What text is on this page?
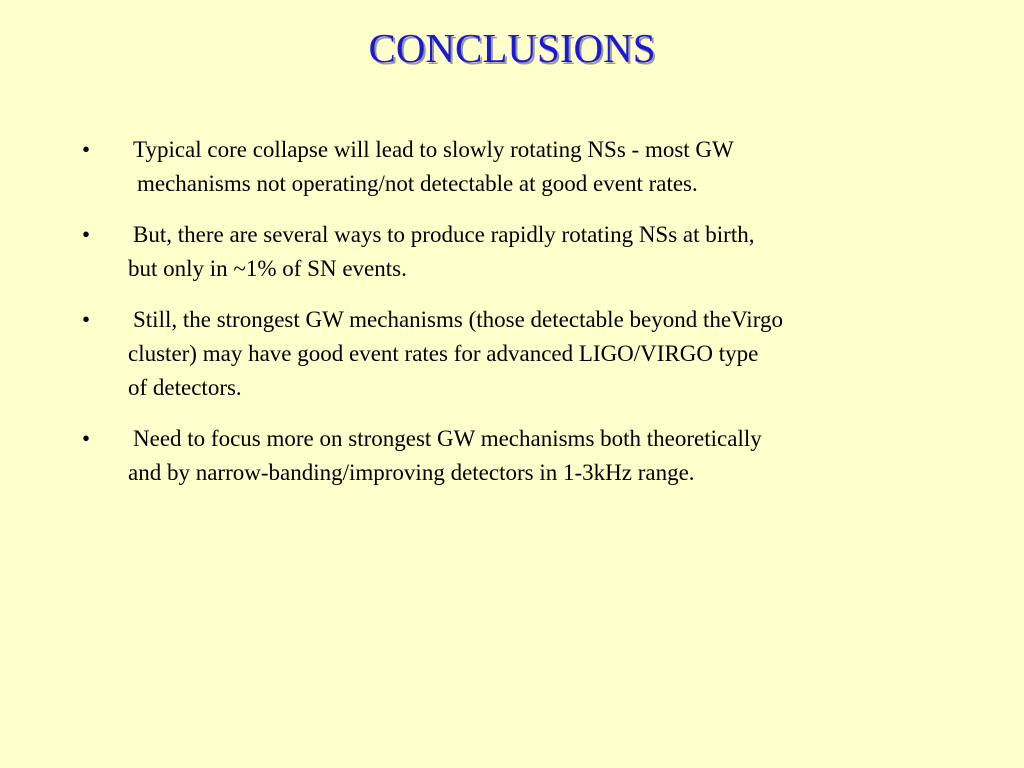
CONCLUSIONS
•	Typical core collapse will lead to slowly rotating NSs - most GW
mechanisms not operating/not detectable at good event rates.
•	But, there are several ways to produce rapidly rotating NSs at birth,
but only in ~1% of SN events.
•	Still, the strongest GW mechanisms (those detectable beyond theVirgo
cluster) may have good event rates for advanced LIGO/VIRGO type
of detectors.
•	Need to focus more on strongest GW mechanisms both theoretically
and by narrow-banding/improving detectors in 1-3kHz range.
